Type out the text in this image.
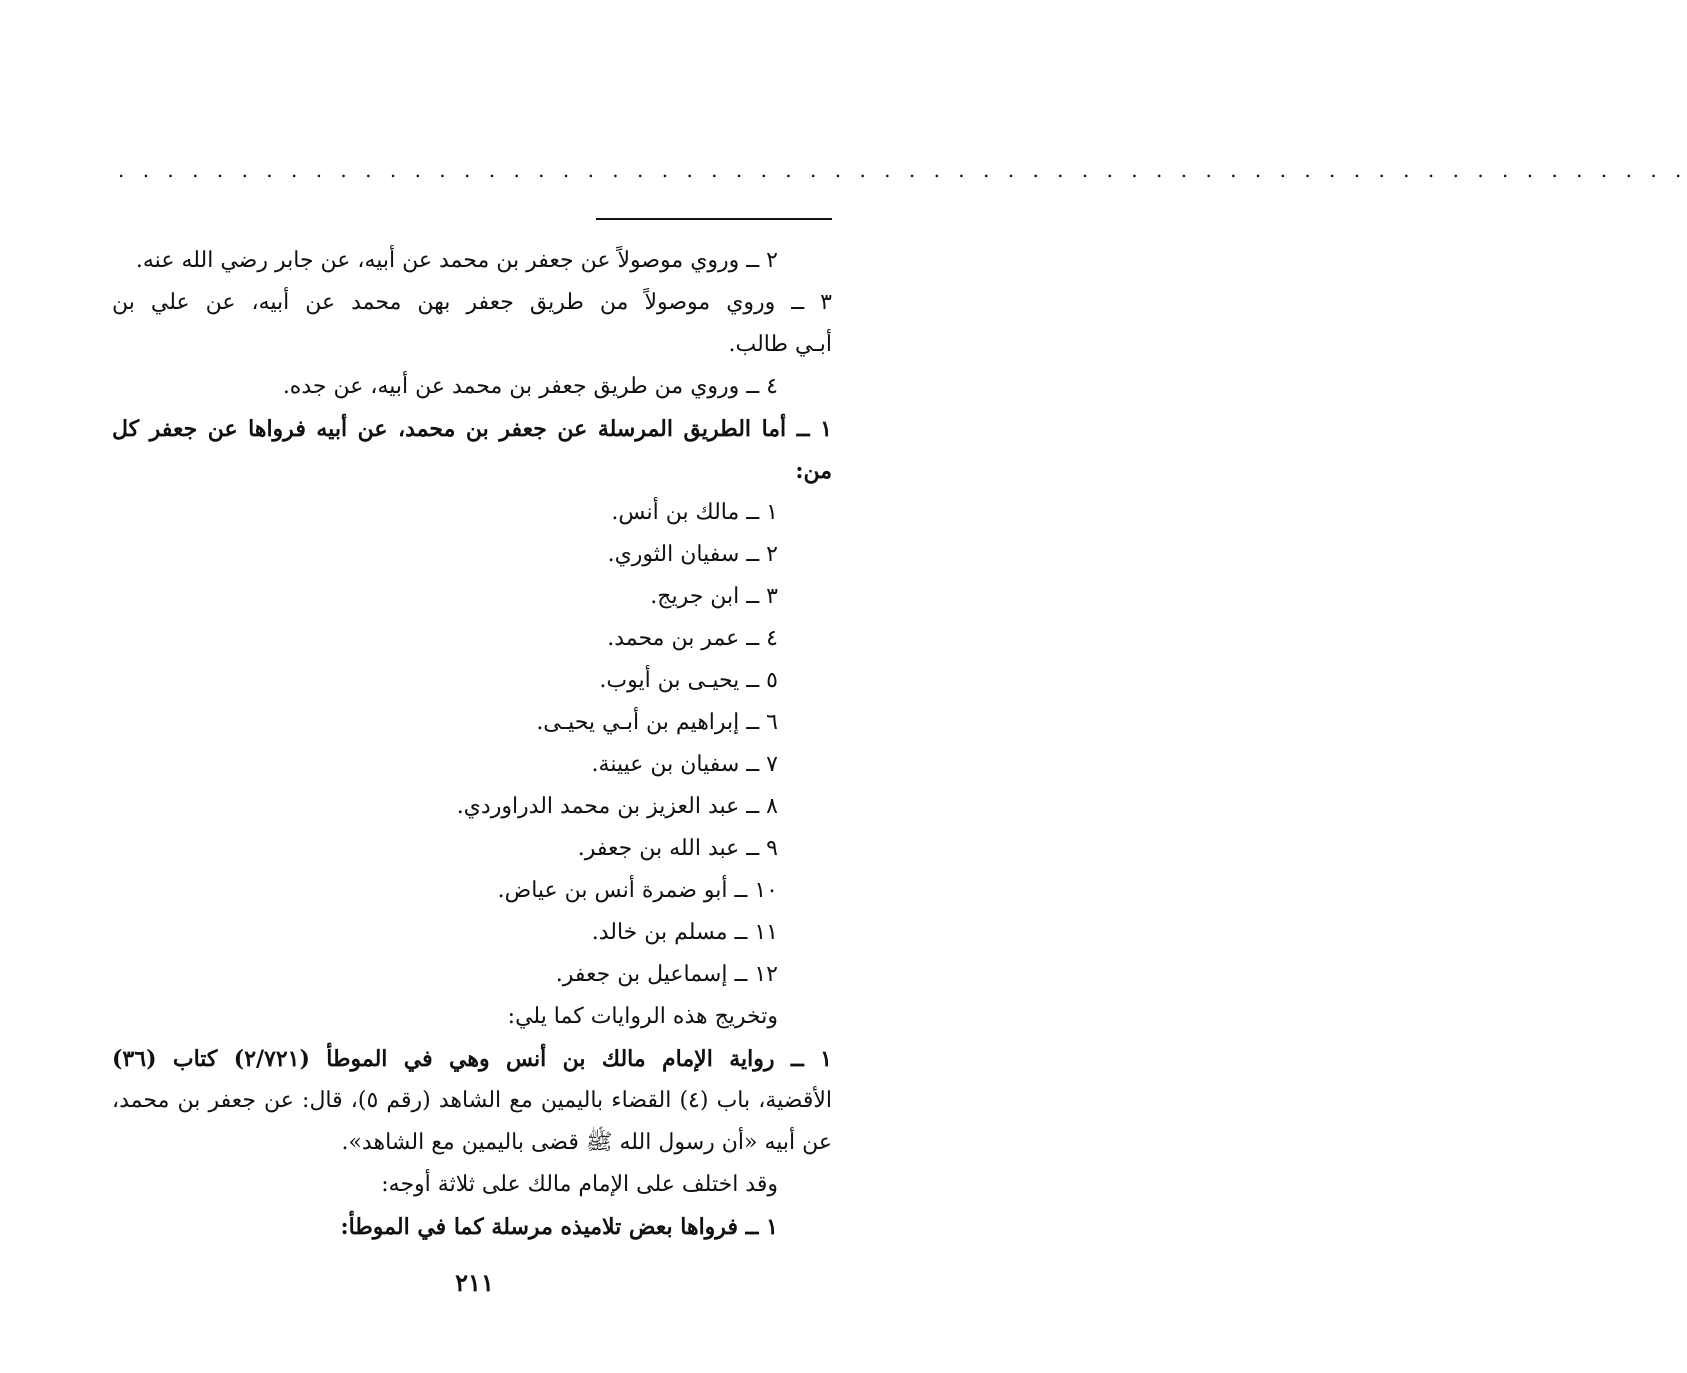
. . . . . . . . . . . . . . . . . . . . . . . . . . . . . . . . . . . . . . . . . . . . . . . . . . . . . . . . . . . . . . . .
٢ ــ وروي موصولاً عن جعفر بن محمد عن أبيه، عن جابر رضي الله عنه.
٣ ــ وروي موصولاً من طريق جعفر بهن محمد عن أبيه، عن علي بن
أبـي طالب.
٤ ــ وروي من طريق جعفر بن محمد عن أبيه، عن جده.
١ ــ أما الطريق المرسلة عن جعفر بن محمد، عن أبيه فرواها عن جعفر كل
من:
١ ــ مالك بن أنس.
٢ ــ سفيان الثوري.
٣ ــ ابن جريج.
٤ ــ عمر بن محمد.
٥ ــ يحيـى بن أيوب.
٦ ــ إبراهيم بن أبـي يحيـى.
٧ ــ سفيان بن عيينة.
٨ ــ عبد العزيز بن محمد الدراوردي.
٩ ــ عبد الله بن جعفر.
١٠ ــ أبو ضمرة أنس بن عياض.
١١ ــ مسلم بن خالد.
١٢ ــ إسماعيل بن جعفر.
وتخريج هذه الروايات كما يلي:
١ ــ رواية الإمام مالك بن أنس وهي في الموطأ (٢/٧٢١) كتاب (٣٦)
الأقضية، باب (٤) القضاء باليمين مع الشاهد (رقم ٥)، قال: عن جعفر بن محمد،
عن أبيه «أن رسول الله ﷺ قضى باليمين مع الشاهد».
وقد اختلف على الإمام مالك على ثلاثة أوجه:
١ ــ فرواها بعض تلاميذه مرسلة كما في الموطأ:
٢١١
